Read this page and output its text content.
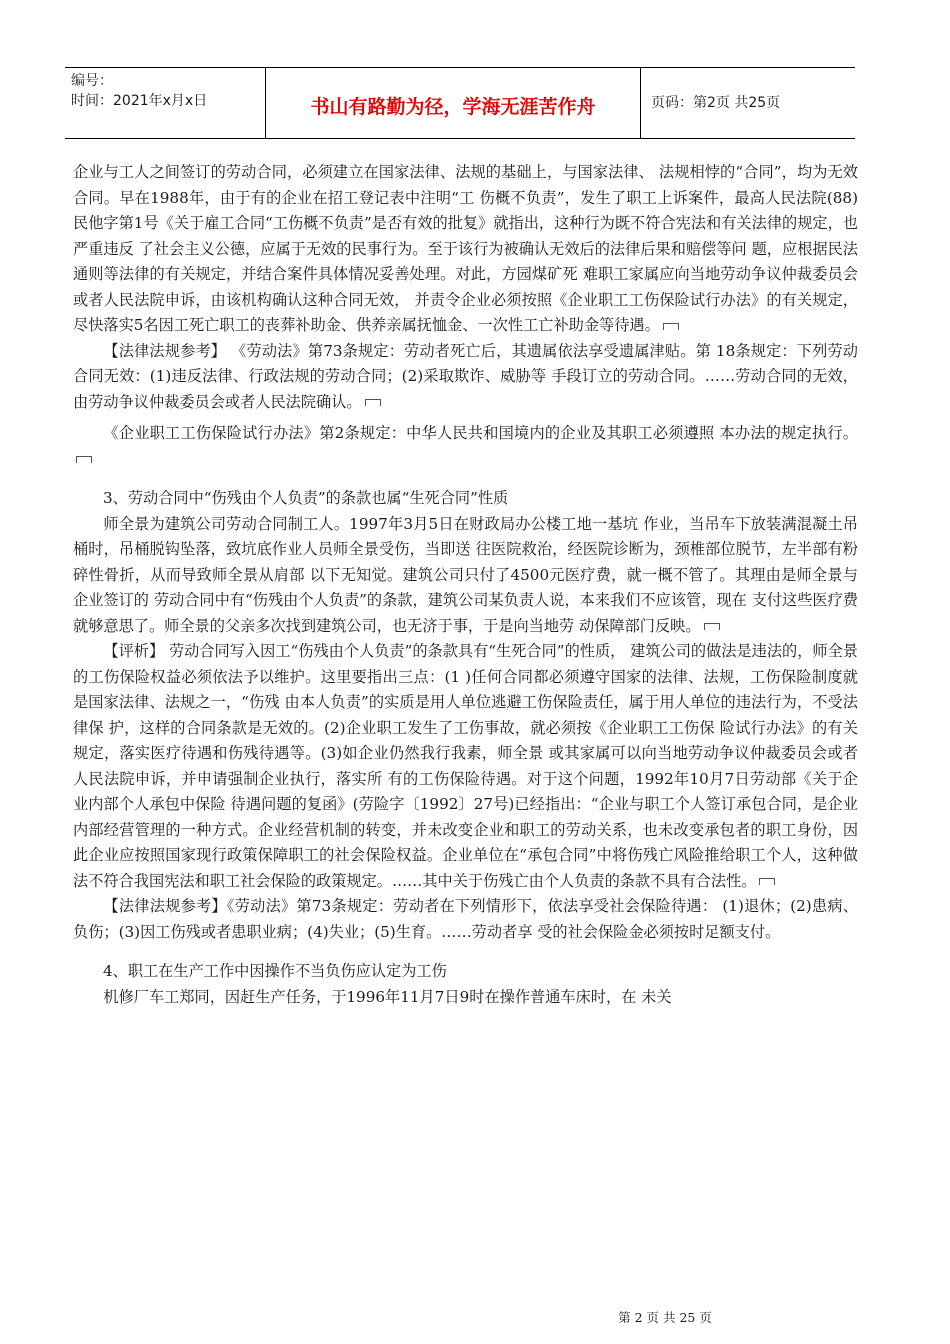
编号：
时间：2021年x月x日	书山有路勤为径，学海无涯苦作舟	页码：第2页 共25页

企业与工人之间签订的劳动合同，必须建立在国家法律、法规的基础上，与国家法律、 法规相悖的“合同”，均为无效合同。早在1988年，由于有的企业在招工登记表中注明“工 伤概不负责”，发生了职工上诉案件，最高人民法院(88)民他字第1号《关于雇工合同“工伤概不负责”是否有效的批复》就指出，这种行为既不符合宪法和有关法律的规定，也严重违反 了社会主义公德，应属于无效的民事行为。至于该行为被确认无效后的法律后果和赔偿等问 题，应根据民法通则等法律的有关规定，并结合案件具体情况妥善处理。对此，方园煤矿死 难职工家属应向当地劳动争议仲裁委员会或者人民法院申诉，由该机构确认这种合同无效， 并责令企业必须按照《企业职工工伤保险试行办法》的有关规定，尽快落实5名因工死亡职工的丧葬补助金、供养亲属抚恤金、一次性工亡补助金等待遇。

【法律法规参考】 《劳动法》第73条规定：劳动者死亡后，其遗属依法享受遗属津贴。第 18条规定：下列劳动合同无效：(1)违反法律、行政法规的劳动合同；(2)采取欺诈、威胁等 手段订立的劳动合同。……劳动合同的无效，由劳动争议仲裁委员会或者人民法院确认。

《企业职工工伤保险试行办法》第2条规定：中华人民共和国境内的企业及其职工必须遵照 本办法的规定执行。

3、劳动合同中“伤残由个人负责”的条款也属“生死合同”性质

师全景为建筑公司劳动合同制工人。1997年3月5日在财政局办公楼工地一基坑 作业，当吊车下放装满混凝土吊桶时，吊桶脱钩坠落，致坑底作业人员师全景受伤，当即送 往医院救治，经医院诊断为，颈椎部位脱节，左半部有粉碎性骨折，从而导致师全景从肩部 以下无知觉。建筑公司只付了4500元医疗费，就一概不管了。其理由是师全景与企业签订的 劳动合同中有“伤残由个人负责”的条款，建筑公司某负责人说，本来我们不应该管，现在 支付这些医疗费就够意思了。师全景的父亲多次找到建筑公司，也无济于事，于是向当地劳 动保障部门反映。

【评析】 劳动合同写入因工“伤残由个人负责”的条款具有“生死合同”的性质， 建筑公司的做法是违法的，师全景的工伤保险权益必须依法予以维护。这里要指出三点：(1 )任何合同都必须遵守国家的法律、法规，工伤保险制度就是国家法律、法规之一，“伤残 由本人负责”的实质是用人单位逃避工伤保险责任，属于用人单位的违法行为，不受法律保 护，这样的合同条款是无效的。(2)企业职工发生了工伤事故，就必须按《企业职工工伤保 险试行办法》的有关规定，落实医疗待遇和伤残待遇等。(3)如企业仍然我行我素，师全景 或其家属可以向当地劳动争议仲裁委员会或者人民法院申诉，并申请强制企业执行，落实所 有的工伤保险待遇。对于这个问题，1992年10月7日劳动部《关于企业内部个人承包中保险 待遇问题的复函》(劳险字〔1992〕27号)已经指出：“企业与职工个人签订承包合同，是企业内部经营管理的一种方式。企业经营机制的转变，并未改变企业和职工的劳动关系，也未改变承包者的职工身份，因此企业应按照国家现行政策保障职工的社会保险权益。企业单位在“承包合同”中将伤残亡风险推给职工个人，这种做法不符合我国宪法和职工社会保险的政策规定。……其中关于伤残亡由个人负责的条款不具有合法性。

【法律法规参考】《劳动法》第73条规定：劳动者在下列情形下，依法享受社会保险待遇： (1)退休；(2)患病、负伤；(3)因工伤残或者患职业病；(4)失业；(5)生育。……劳动者享 受的社会保险金必须按时足额支付。

4、职工在生产工作中因操作不当负伤应认定为工伤

机修厂车工郑同，因赶生产任务，于1996年11月7日9时在操作普通车床时，在 未关

第 2 页 共 25 页
